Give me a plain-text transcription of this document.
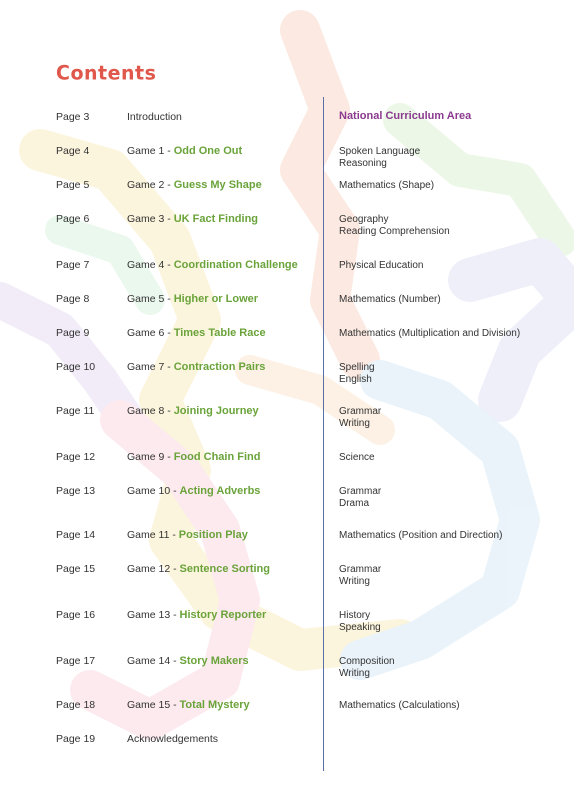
Contents
National Curriculum Area
Page 3	Introduction
Page 4	Game 1 - Odd One Out	Spoken Language
Reasoning
Page 5	Game 2 - Guess My Shape	Mathematics (Shape)
Page 6	Game 3 - UK Fact Finding	Geography
Reading Comprehension
Page 7	Game 4 - Coordination Challenge	Physical Education
Page 8	Game 5 - Higher or Lower	Mathematics (Number)
Page 9	Game 6 - Times Table Race	Mathematics (Multiplication and Division)
Page 10	Game 7 - Contraction Pairs	Spelling
English
Page 11	Game 8 - Joining Journey	Grammar
Writing
Page 12	Game 9 - Food Chain Find	Science
Page 13	Game 10 - Acting Adverbs	Grammar
Drama
Page 14	Game 11 - Position Play	Mathematics (Position and Direction)
Page 15	Game 12 - Sentence Sorting	Grammar
Writing
Page 16	Game 13 - History Reporter	History
Speaking
Page 17	Game 14 - Story Makers	Composition
Writing
Page 18	Game 15 - Total Mystery	Mathematics (Calculations)
Page 19	Acknowledgements
